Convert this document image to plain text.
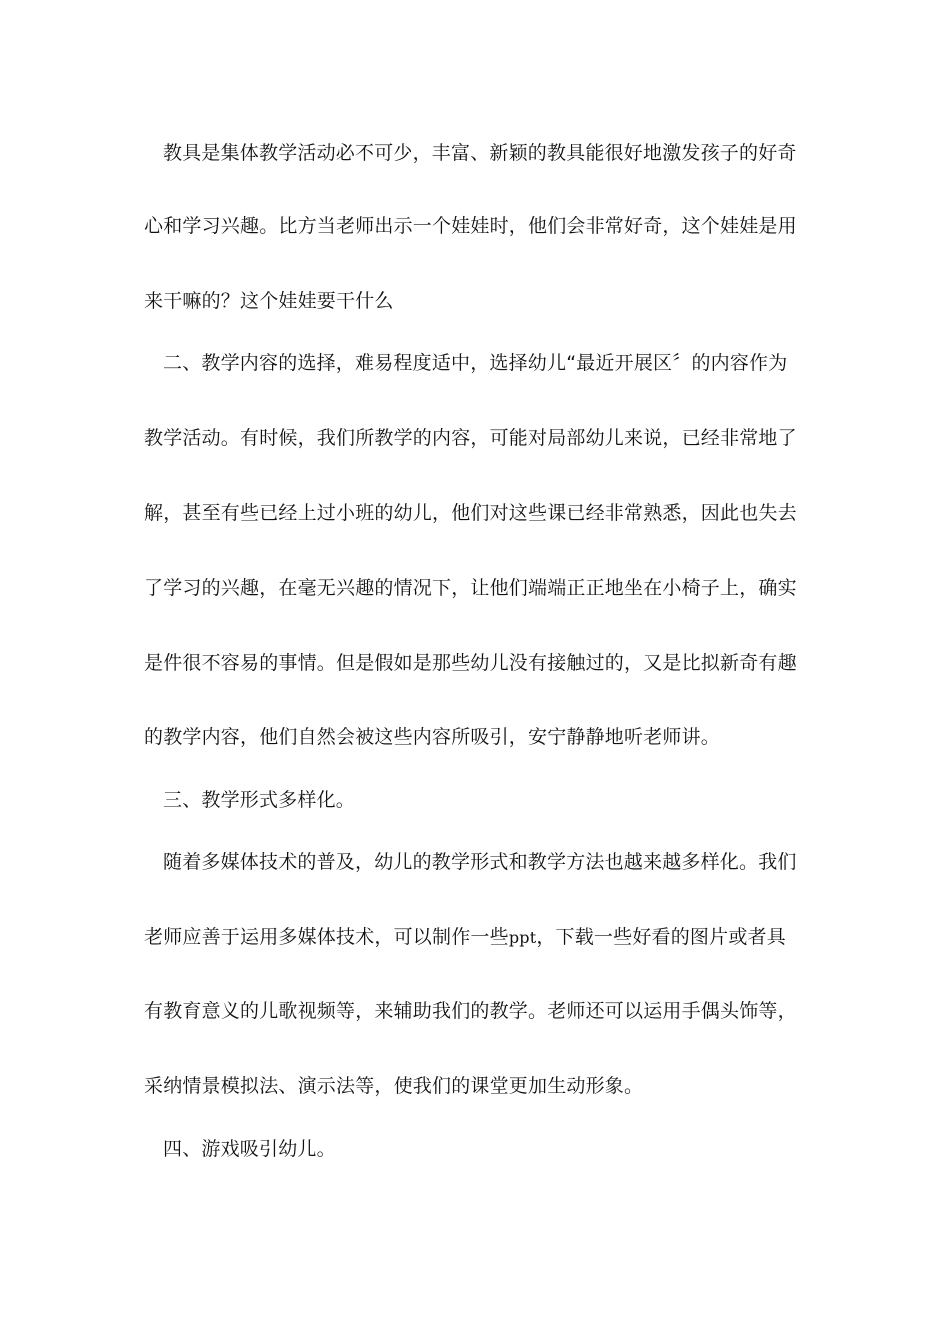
教具是集体教学活动必不可少，丰富、新颖的教具能很好地激发孩子的好奇
心和学习兴趣。比方当老师出示一个娃娃时，他们会非常好奇，这个娃娃是用
来干嘛的？这个娃娃要干什么
二、教学内容的选择，难易程度适中，选择幼儿“最近开展区〞的内容作为
教学活动。有时候，我们所教学的内容，可能对局部幼儿来说，已经非常地了
解，甚至有些已经上过小班的幼儿，他们对这些课已经非常熟悉，因此也失去
了学习的兴趣，在毫无兴趣的情况下，让他们端端正正地坐在小椅子上，确实
是件很不容易的事情。但是假如是那些幼儿没有接触过的，又是比拟新奇有趣
的教学内容，他们自然会被这些内容所吸引，安宁静静地听老师讲。
三、教学形式多样化。
随着多媒体技术的普及，幼儿的教学形式和教学方法也越来越多样化。我们
老师应善于运用多媒体技术，可以制作一些ppt，下载一些好看的图片或者具
有教育意义的儿歌视频等，来辅助我们的教学。老师还可以运用手偶头饰等，
采纳情景模拟法、演示法等，使我们的课堂更加生动形象。
四、游戏吸引幼儿。
